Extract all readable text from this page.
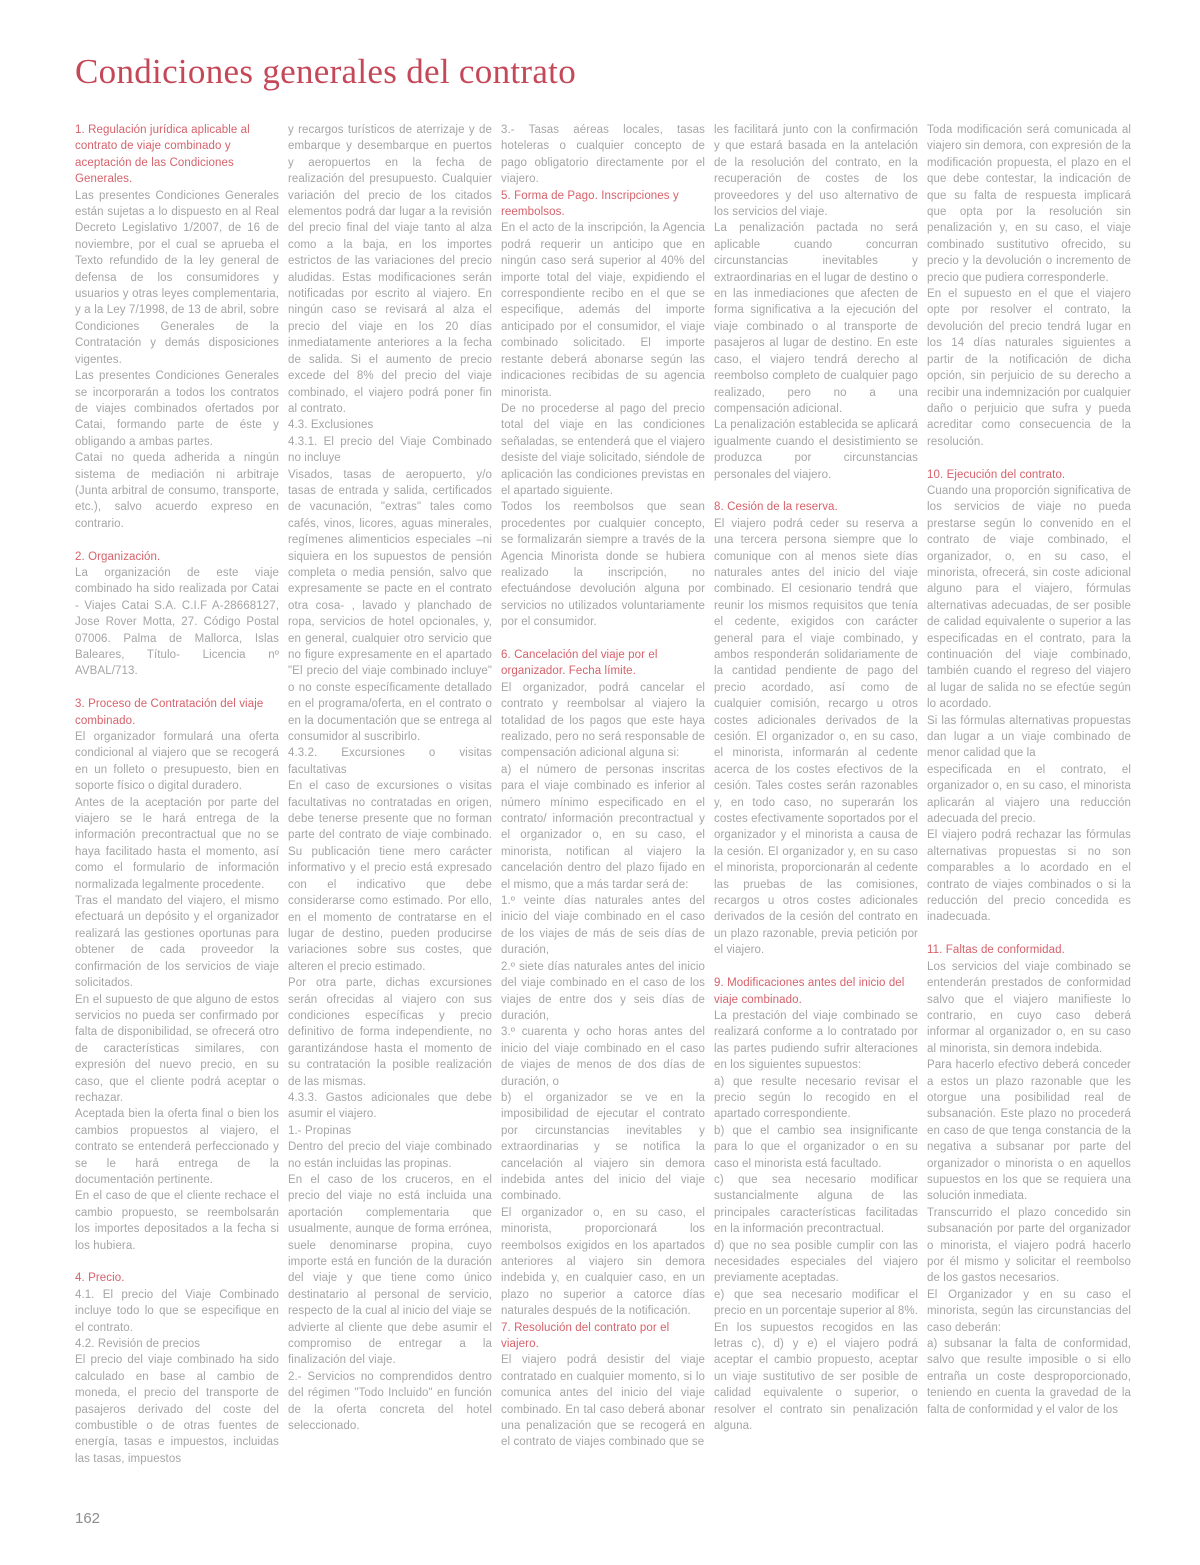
Condiciones generales del contrato

1. Regulación jurídica aplicable al contrato de viaje combinado y aceptación de las Condiciones Generales.

Las presentes Condiciones Generales están sujetas a lo dispuesto en al Real Decreto Legislativo 1/2007, de 16 de noviembre, por el cual se aprueba el Texto refundido de la ley general de defensa de los consumidores y usuarios y otras leyes complementaria, y a la Ley 7/1998, de 13 de abril, sobre Condiciones Generales de la Contratación y demás disposiciones vigentes.

Las presentes Condiciones Generales se incorporarán a todos los contratos de viajes combinados ofertados por Catai, formando parte de éste y obligando a ambas partes.

Catai no queda adherida a ningún sistema de mediación ni arbitraje (Junta arbitral de consumo, transporte, etc.), salvo acuerdo expreso en contrario.

2. Organización.

La organización de este viaje combinado ha sido realizada por Catai - Viajes Catai S.A. C.I.F A-28668127, Jose Rover Motta, 27. Código Postal 07006. Palma de Mallorca, Islas Baleares, Título- Licencia nº AVBAL/713.

3. Proceso de Contratación del viaje combinado.

El organizador formulará una oferta condicional al viajero que se recogerá en un folleto o presupuesto, bien en soporte físico o digital duradero.

Antes de la aceptación por parte del viajero se le hará entrega de la información precontractual que no se haya facilitado hasta el momento, así como el formulario de información normalizada legalmente procedente.

Tras el mandato del viajero, el mismo efectuará un depósito y el organizador realizará las gestiones oportunas para obtener de cada proveedor la confirmación de los servicios de viaje solicitados.

En el supuesto de que alguno de estos servicios no pueda ser confirmado por falta de disponibilidad, se ofrecerá otro de características similares, con expresión del nuevo precio, en su caso, que el cliente podrá aceptar o rechazar.

Aceptada bien la oferta final o bien los cambios propuestos al viajero, el contrato se entenderá perfeccionado y se le hará entrega de la documentación pertinente.

En el caso de que el cliente rechace el cambio propuesto, se reembolsarán los importes depositados a la fecha si los hubiera.

4. Precio.

4.1. El precio del Viaje Combinado incluye todo lo que se especifique en el contrato.

4.2. Revisión de precios

El precio del viaje combinado ha sido calculado en base al cambio de moneda, el precio del transporte de pasajeros derivado del coste del combustible o de otras fuentes de energía, tasas e impuestos, incluidas las tasas, impuestos

y recargos turísticos de aterrizaje y de embarque y desembarque en puertos y aeropuertos en la fecha de realización del presupuesto. Cualquier variación del precio de los citados elementos podrá dar lugar a la revisión del precio final del viaje tanto al alza como a la baja, en los importes estrictos de las variaciones del precio aludidas. Estas modificaciones serán notificadas por escrito al viajero. En ningún caso se revisará al alza el precio del viaje en los 20 días inmediatamente anteriores a la fecha de salida. Si el aumento de precio excede del 8% del precio del viaje combinado, el viajero podrá poner fin al contrato.

4.3. Exclusiones

4.3.1. El precio del Viaje Combinado no incluye

Visados, tasas de aeropuerto, y/o tasas de entrada y salida, certificados de vacunación, "extras" tales como cafés, vinos, licores, aguas minerales, regímenes alimenticios especiales –ni siquiera en los supuestos de pensión completa o media pensión, salvo que expresamente se pacte en el contrato otra cosa- , lavado y planchado de ropa, servicios de hotel opcionales, y, en general, cualquier otro servicio que no figure expresamente en el apartado "El precio del viaje combinado incluye" o no conste específicamente detallado en el programa/oferta, en el contrato o en la documentación que se entrega al consumidor al suscribirlo.

4.3.2. Excursiones o visitas facultativas

En el caso de excursiones o visitas facultativas no contratadas en origen, debe tenerse presente que no forman parte del contrato de viaje combinado. Su publicación tiene mero carácter informativo y el precio está expresado con el indicativo que debe considerarse como estimado. Por ello, en el momento de contratarse en el lugar de destino, pueden producirse variaciones sobre sus costes, que alteren el precio estimado.

Por otra parte, dichas excursiones serán ofrecidas al viajero con sus condiciones específicas y precio definitivo de forma independiente, no garantizándose hasta el momento de su contratación la posible realización de las mismas.

4.3.3. Gastos adicionales que debe asumir el viajero.

1.- Propinas

Dentro del precio del viaje combinado no están incluidas las propinas.

En el caso de los cruceros, en el precio del viaje no está incluida una aportación complementaria que usualmente, aunque de forma errónea, suele denominarse propina, cuyo importe está en función de la duración del viaje y que tiene como único destinatario al personal de servicio, respecto de la cual al inicio del viaje se advierte al cliente que debe asumir el compromiso de entregar a la finalización del viaje.

2.- Servicios no comprendidos dentro del régimen "Todo Incluido" en función de la oferta concreta del hotel seleccionado.

3.- Tasas aéreas locales, tasas hoteleras o cualquier concepto de pago obligatorio directamente por el viajero.

5. Forma de Pago. Inscripciones y reembolsos.

En el acto de la inscripción, la Agencia podrá requerir un anticipo que en ningún caso será superior al 40% del importe total del viaje, expidiendo el correspondiente recibo en el que se especifique, además del importe anticipado por el consumidor, el viaje combinado solicitado. El importe restante deberá abonarse según las indicaciones recibidas de su agencia minorista.

De no procederse al pago del precio total del viaje en las condiciones señaladas, se entenderá que el viajero desiste del viaje solicitado, siéndole de aplicación las condiciones previstas en el apartado siguiente.

Todos los reembolsos que sean procedentes por cualquier concepto, se formalizarán siempre a través de la Agencia Minorista donde se hubiera realizado la inscripción, no efectuándose devolución alguna por servicios no utilizados voluntariamente por el consumidor.

6. Cancelación del viaje por el organizador. Fecha límite.

El organizador, podrá cancelar el contrato y reembolsar al viajero la totalidad de los pagos que este haya realizado, pero no será responsable de compensación adicional alguna si:

a) el número de personas inscritas para el viaje combinado es inferior al número mínimo especificado en el contrato/ información precontractual y el organizador o, en su caso, el minorista, notifican al viajero la cancelación dentro del plazo fijado en el mismo, que a más tardar será de:

1.º veinte días naturales antes del inicio del viaje combinado en el caso de los viajes de más de seis días de duración,

2.º siete días naturales antes del inicio del viaje combinado en el caso de los viajes de entre dos y seis días de duración,

3.º cuarenta y ocho horas antes del inicio del viaje combinado en el caso de viajes de menos de dos días de duración, o

b) el organizador se ve en la imposibilidad de ejecutar el contrato por circunstancias inevitables y extraordinarias y se notifica la cancelación al viajero sin demora indebida antes del inicio del viaje combinado.

El organizador o, en su caso, el minorista, proporcionará los reembolsos exigidos en los apartados anteriores al viajero sin demora indebida y, en cualquier caso, en un plazo no superior a catorce días naturales después de la notificación.

7. Resolución del contrato por el viajero.

El viajero podrá desistir del viaje contratado en cualquier momento, si lo comunica antes del inicio del viaje combinado. En tal caso deberá abonar una penalización que se recogerá en el contrato de viajes combinado que se

les facilitará junto con la confirmación y que estará basada en la antelación de la resolución del contrato, en la recuperación de costes de los proveedores y del uso alternativo de los servicios del viaje.

La penalización pactada no será aplicable cuando concurran circunstancias inevitables y extraordinarias en el lugar de destino o en las inmediaciones que afecten de forma significativa a la ejecución del viaje combinado o al transporte de pasajeros al lugar de destino. En este caso, el viajero tendrá derecho al reembolso completo de cualquier pago realizado, pero no a una compensación adicional.

La penalización establecida se aplicará igualmente cuando el desistimiento se produzca por circunstancias personales del viajero.

8. Cesión de la reserva.

El viajero podrá ceder su reserva a una tercera persona siempre que lo comunique con al menos siete días naturales antes del inicio del viaje combinado. El cesionario tendrá que reunir los mismos requisitos que tenía el cedente, exigidos con carácter general para el viaje combinado, y ambos responderán solidariamente de la cantidad pendiente de pago del precio acordado, así como de cualquier comisión, recargo u otros costes adicionales derivados de la cesión. El organizador o, en su caso, el minorista, informarán al cedente acerca de los costes efectivos de la cesión. Tales costes serán razonables y, en todo caso, no superarán los costes efectivamente soportados por el organizador y el minorista a causa de la cesión. El organizador y, en su caso el minorista, proporcionarán al cedente las pruebas de las comisiones, recargos u otros costes adicionales derivados de la cesión del contrato en un plazo razonable, previa petición por el viajero.

9. Modificaciones antes del inicio del viaje combinado.

La prestación del viaje combinado se realizará conforme a lo contratado por las partes pudiendo sufrir alteraciones en los siguientes supuestos:

a) que resulte necesario revisar el precio según lo recogido en el apartado correspondiente.

b) que el cambio sea insignificante para lo que el organizador o en su caso el minorista está facultado.

c) que sea necesario modificar sustancialmente alguna de las principales características facilitadas en la información precontractual.

d) que no sea posible cumplir con las necesidades especiales del viajero previamente aceptadas.

e) que sea necesario modificar el precio en un porcentaje superior al 8%.

En los supuestos recogidos en las letras c), d) y e) el viajero podrá aceptar el cambio propuesto, aceptar un viaje sustitutivo de ser posible de calidad equivalente o superior, o resolver el contrato sin penalización alguna.

Toda modificación será comunicada al viajero sin demora, con expresión de la modificación propuesta, el plazo en el que debe contestar, la indicación de que su falta de respuesta implicará que opta por la resolución sin penalización y, en su caso, el viaje combinado sustitutivo ofrecido, su precio y la devolución o incremento de precio que pudiera corresponderle.

En el supuesto en el que el viajero opte por resolver el contrato, la devolución del precio tendrá lugar en los 14 días naturales siguientes a partir de la notificación de dicha opción, sin perjuicio de su derecho a recibir una indemnización por cualquier daño o perjuicio que sufra y pueda acreditar como consecuencia de la resolución.

10. Ejecución del contrato.

Cuando una proporción significativa de los servicios de viaje no pueda prestarse según lo convenido en el contrato de viaje combinado, el organizador, o, en su caso, el minorista, ofrecerá, sin coste adicional alguno para el viajero, fórmulas alternativas adecuadas, de ser posible de calidad equivalente o superior a las especificadas en el contrato, para la continuación del viaje combinado, también cuando el regreso del viajero al lugar de salida no se efectúe según lo acordado.

Si las fórmulas alternativas propuestas dan lugar a un viaje combinado de menor calidad que la

especificada en el contrato, el organizador o, en su caso, el minorista aplicarán al viajero una reducción adecuada del precio.

El viajero podrá rechazar las fórmulas alternativas propuestas si no son comparables a lo acordado en el contrato de viajes combinados o si la reducción del precio concedida es inadecuada.

11. Faltas de conformidad.

Los servicios del viaje combinado se entenderán prestados de conformidad salvo que el viajero manifieste lo contrario, en cuyo caso deberá informar al organizador o, en su caso al minorista, sin demora indebida.

Para hacerlo efectivo deberá conceder a estos un plazo razonable que les otorgue una posibilidad real de subsanación. Este plazo no procederá en caso de que tenga constancia de la negativa a subsanar por parte del organizador o minorista o en aquellos supuestos en los que se requiera una solución inmediata.

Transcurrido el plazo concedido sin subsanación por parte del organizador o minorista, el viajero podrá hacerlo por él mismo y solicitar el reembolso de los gastos necesarios.

El Organizador y en su caso el minorista, según las circunstancias del caso deberán:

a) subsanar la falta de conformidad, salvo que resulte imposible o si ello entraña un coste desproporcionado, teniendo en cuenta la gravedad de la falta de conformidad y el valor de los

162
